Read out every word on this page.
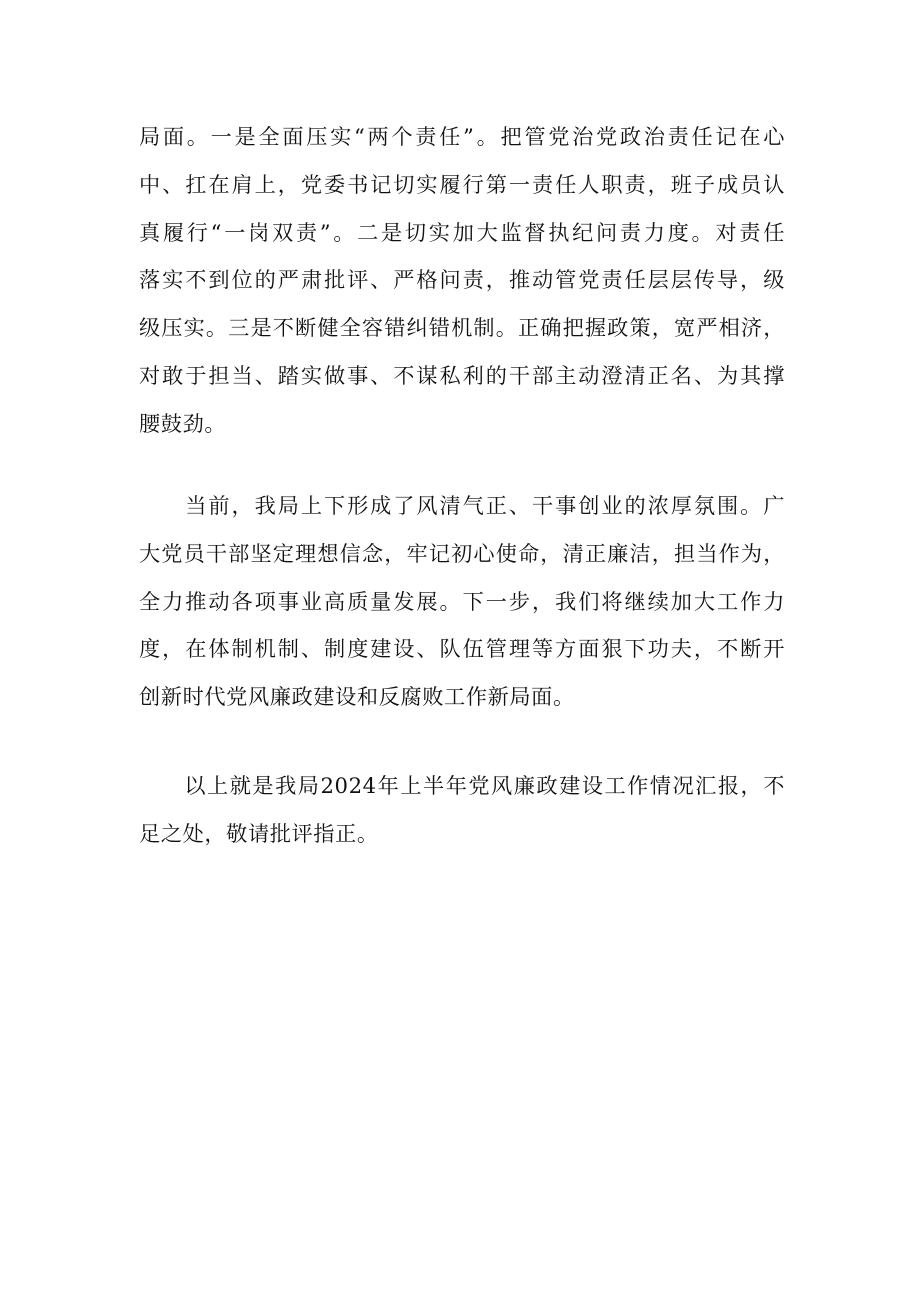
局面。一是全面压实“两个责任”。把管党治党政治责任记在心
中、扛在肩上，党委书记切实履行第一责任人职责，班子成员认
真履行“一岗双责”。二是切实加大监督执纪问责力度。对责任
落实不到位的严肃批评、严格问责，推动管党责任层层传导，级
级压实。三是不断健全容错纠错机制。正确把握政策，宽严相济，
对敢于担当、踏实做事、不谋私利的干部主动澄清正名、为其撑
腰鼓劲。
　　当前，我局上下形成了风清气正、干事创业的浓厚氛围。广
大党员干部坚定理想信念，牢记初心使命，清正廉洁，担当作为，
全力推动各项事业高质量发展。下一步，我们将继续加大工作力
度，在体制机制、制度建设、队伍管理等方面狠下功夫，不断开
创新时代党风廉政建设和反腐败工作新局面。
　　以上就是我局2024年上半年党风廉政建设工作情况汇报，不
足之处，敬请批评指正。
